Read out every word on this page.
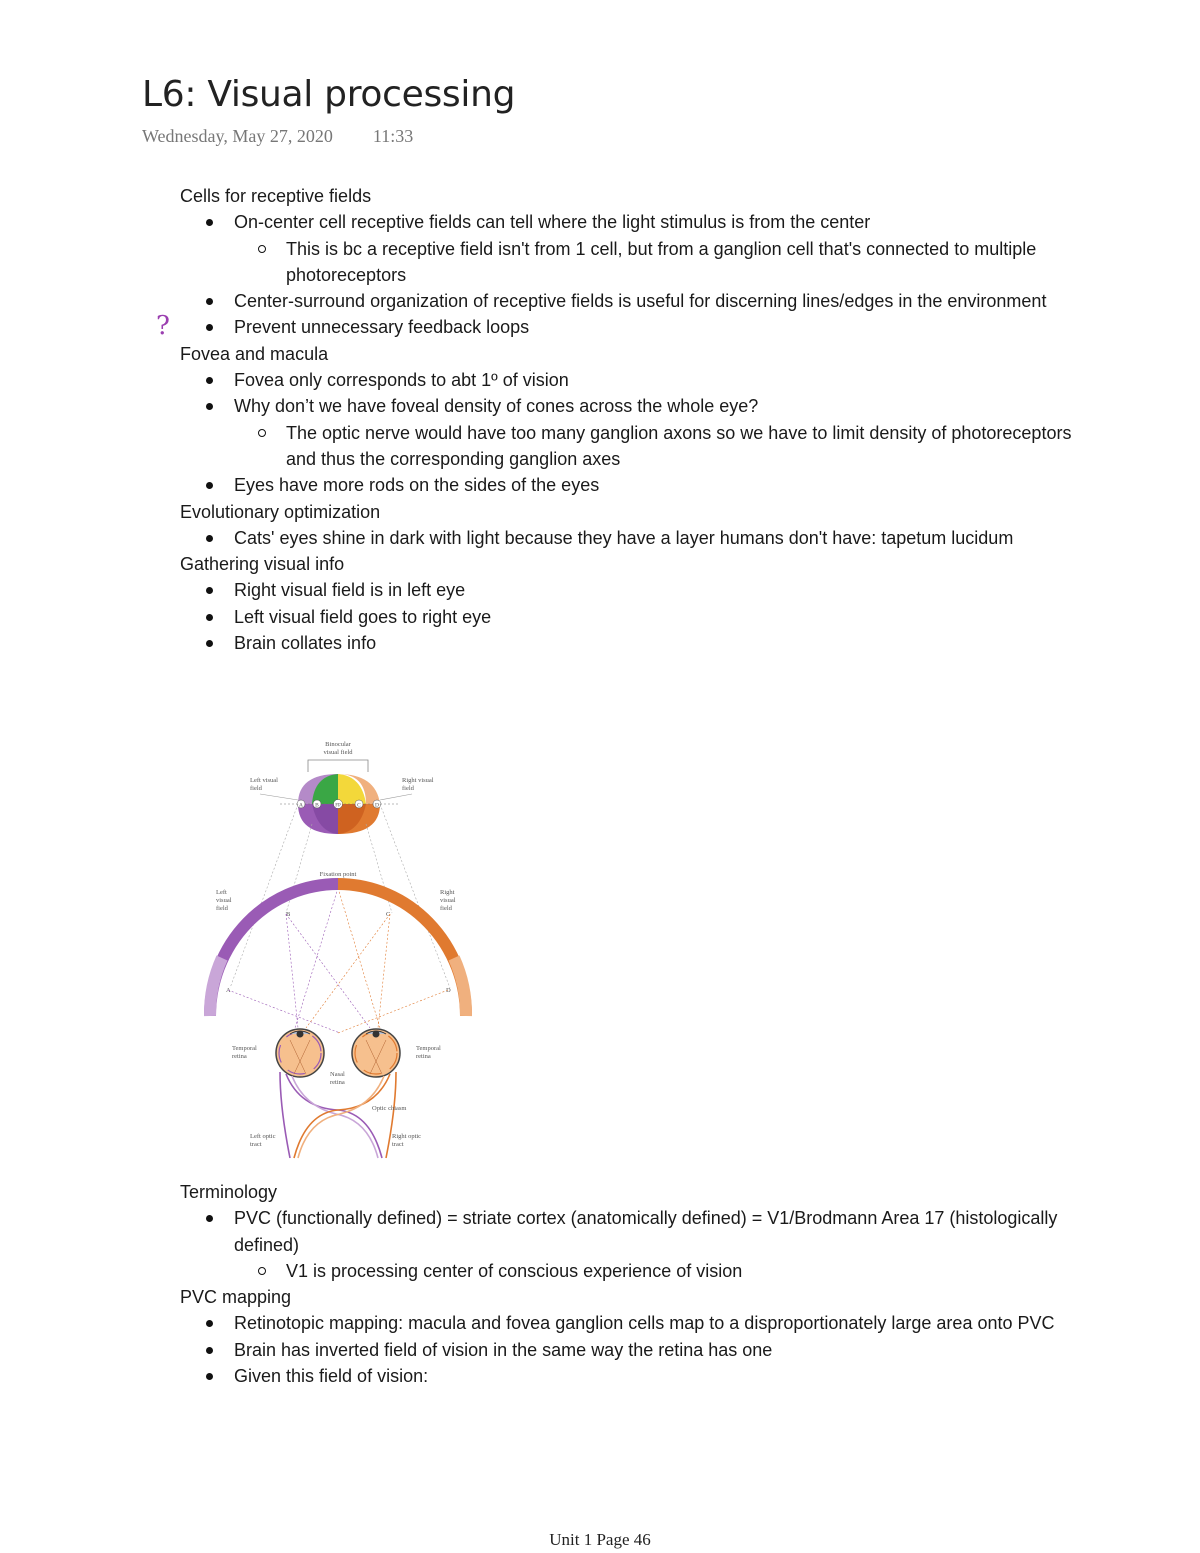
L6: Visual processing
Wednesday, May 27, 2020 11:33
Cells for receptive fields
On-center cell receptive fields can tell where the light stimulus is from the center
This is bc a receptive field isn't from 1 cell, but from a ganglion cell that's connected to multiple photoreceptors
Center-surround organization of receptive fields is useful for discerning lines/edges in the environment
?	Prevent unnecessary feedback loops
Fovea and macula
Fovea only corresponds to abt 1º of vision
Why don’t we have foveal density of cones across the whole eye?
The optic nerve would have too many ganglion axons so we have to limit density of photoreceptors and thus the corresponding ganglion axes
Eyes have more rods on the sides of the eyes
Evolutionary optimization
Cats' eyes shine in dark with light because they have a layer humans don't have: tapetum lucidum
Gathering visual info
Right visual field is in left eye
Left visual field goes to right eye
Brain collates info
Binocular
visual field
Left visual
field
Right visual
field
A B	FP	C	D
Fixation point
Left
visual
field
Right
visual
field
A
B	C
D
Temporal
retina
Temporal
retina
Nasal
retina
Optic chiasm
Left optic
tract
Right optic
tract
Terminology
PVC (functionally defined) = striate cortex (anatomically defined) = V1/Brodmann Area 17 (histologically defined)
V1 is processing center of conscious experience of vision
PVC mapping
Retinotopic mapping: macula and fovea ganglion cells map to a disproportionately large area onto PVC
Brain has inverted field of vision in the same way the retina has one
Given this field of vision:
Unit 1 Page 46
